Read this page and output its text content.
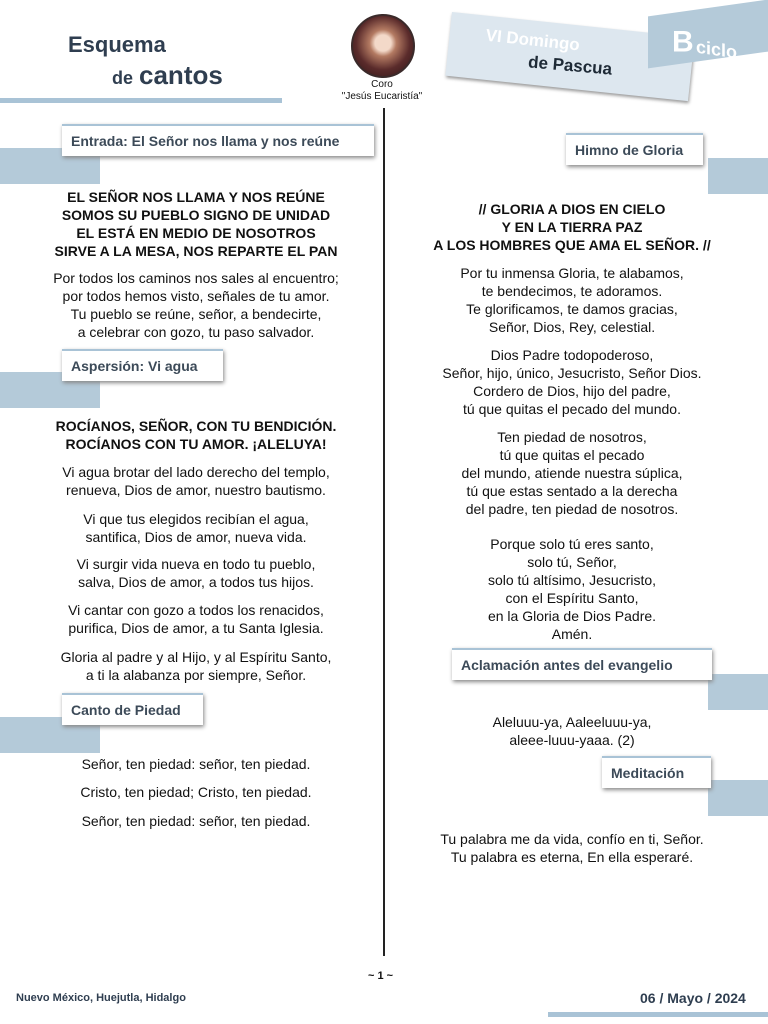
Esquema
de cantos	Coro
"Jesús Eucaristía"
VI Domingo
de Pascua
ciclo
B
Entrada: El Señor nos llama y nos reúne
EL SEÑOR NOS LLAMA Y NOS REÚNE
SOMOS SU PUEBLO SIGNO DE UNIDAD
EL ESTÁ EN MEDIO DE NOSOTROS
SIRVE A LA MESA, NOS REPARTE EL PAN
Por todos los caminos nos sales al encuentro;
por todos hemos visto, señales de tu amor.
Tu pueblo se reúne, señor, a bendecirte,
a celebrar con gozo, tu paso salvador.
Aspersión: Vi agua
ROCÍANOS, SEÑOR, CON TU BENDICIÓN.
ROCÍANOS CON TU AMOR. ¡ALELUYA!
Vi agua brotar del lado derecho del templo,
renueva, Dios de amor, nuestro bautismo.
Vi que tus elegidos recibían el agua,
santifica, Dios de amor, nueva vida.
Vi surgir vida nueva en todo tu pueblo,
salva, Dios de amor, a todos tus hijos.
Vi cantar con gozo a todos los renacidos,
purifica, Dios de amor, a tu Santa Iglesia.
Gloria al padre y al Hijo, y al Espíritu Santo,
a ti la alabanza por siempre, Señor.
Canto de Piedad
Señor, ten piedad: señor, ten piedad.
Cristo, ten piedad; Cristo, ten piedad.
Señor, ten piedad: señor, ten piedad.
Himno de Gloria
// GLORIA A DIOS EN CIELO
Y EN LA TIERRA PAZ
A LOS HOMBRES QUE AMA EL SEÑOR. //
Por tu inmensa Gloria, te alabamos,
te bendecimos, te adoramos.
Te glorificamos, te damos gracias,
Señor, Dios, Rey, celestial.
Dios Padre todopoderoso,
Señor, hijo, único, Jesucristo, Señor Dios.
Cordero de Dios, hijo del padre,
tú que quitas el pecado del mundo.
Ten piedad de nosotros,
tú que quitas el pecado
del mundo, atiende nuestra súplica,
tú que estas sentado a la derecha
del padre, ten piedad de nosotros.
Porque solo tú eres santo,
solo tú, Señor,
solo tú altísimo, Jesucristo,
con el Espíritu Santo,
en la Gloria de Dios Padre.
Amén.
Aclamación antes del evangelio
Aleluuu-ya, Aaleeluuu-ya,
aleee-luuu-yaaa. (2)
Meditación
Tu palabra me da vida, confío en ti, Señor.
Tu palabra es eterna, En ella esperaré.
~ 1 ~
Nuevo México, Huejutla, Hidalgo	06 / Mayo / 2024
